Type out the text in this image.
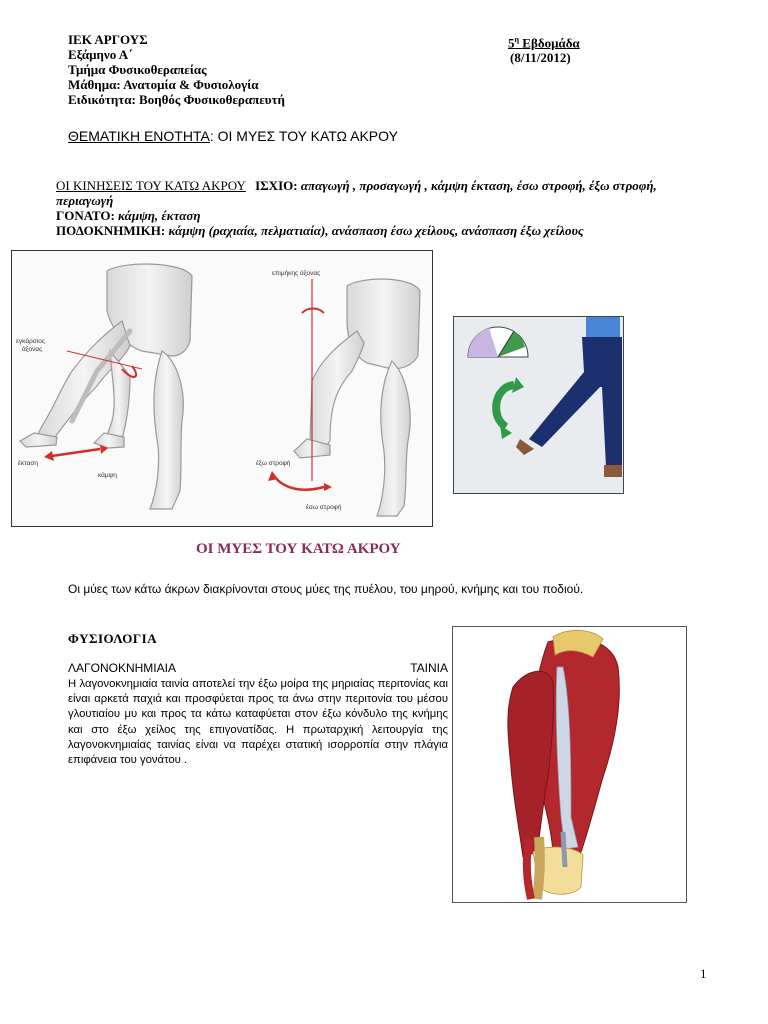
ΙΕΚ ΑΡΓΟΥΣ
Εξάμηνο Α΄
Τμήμα Φυσικοθεραπείας
Μάθημα: Ανατομία & Φυσιολογία
Ειδικότητα: Βοηθός Φυσικοθεραπευτή
$5^\eta$ Εβδομάδα
(8/11/2012)
ΘΕΜΑΤΙΚΗ ΕΝΟΤΗΤΑ: ΟΙ ΜΥΕΣ ΤΟΥ ΚΑΤΩ ΑΚΡΟΥ
ΟΙ ΚΙΝΗΣΕΙΣ ΤΟΥ ΚΑΤΩ ΑΚΡΟΥ ΙΣΧΙΟ: απαγωγή , προσαγωγή , κάμψη έκταση, έσω στροφή, έξω στροφή, περιαγωγή
ΓΟΝΑΤΟ: κάμψη, έκταση
ΠΟΔΟΚΝΗΜΙΚΗ: κάμψη (ραχιαία, πελματιαία), ανάσπαση έσω χείλους, ανάσπαση έξω χείλους
εγκάρσιος
άξονας
έκταση
κάμψη
επιμήκης άξονας
έξω στροφή
έσω στροφή
ΟΙ ΜΥΕΣ ΤΟΥ ΚΑΤΩ ΑΚΡΟΥ
Οι μύες των κάτω άκρων διακρίνονται στους μύες της πυέλου, του μηρού, κνήμης και του ποδιού.
ΦΥΣΙΟΛΟΓΙΑ
ΛΑΓΟΝΟΚΝΗΜΙΑΙΑ	ΤΑΙΝΙΑ
Η λαγονοκνημιαία ταινία αποτελεί την έξω μοίρα της μηριαίας περιτονίας και είναι αρκετά παχιά και προσφύεται προς τα άνω στην περιτονία του μέσου γλουτιαίου μυ και προς τα κάτω καταφύεται στον έξω κόνδυλο της κνήμης και στο έξω χείλος της επιγονατίδας. Η πρωταρχική λειτουργία της λαγονοκνημιαίας ταινίας είναι να παρέχει στατική ισορροπία στην πλάγια επιφάνεια του γονάτου .
1
